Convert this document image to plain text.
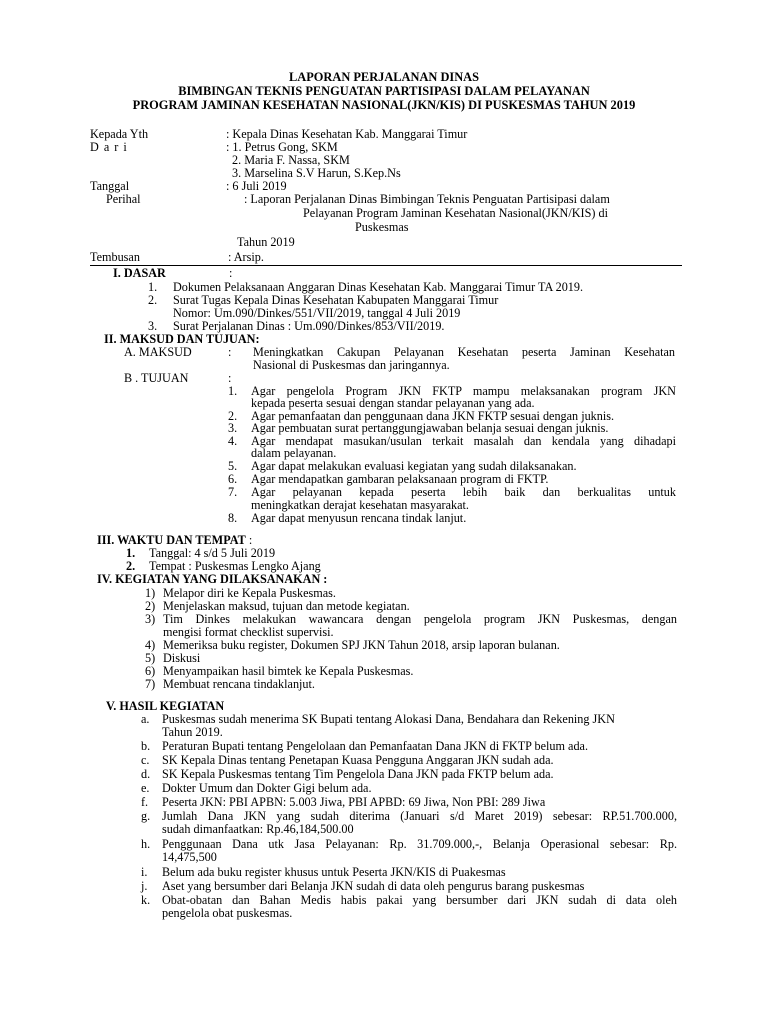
LAPORAN PERJALANAN DINAS
BIMBINGAN TEKNIS PENGUATAN PARTISIPASI DALAM PELAYANAN
PROGRAM JAMINAN KESEHATAN NASIONAL(JKN/KIS) DI PUSKESMAS TAHUN 2019
Kepada Yth	: Kepala Dinas Kesehatan Kab. Manggarai Timur
D a r i	: 1. Petrus Gong, SKM
2. Maria F. Nassa, SKM
3. Marselina S.V Harun, S.Kep.Ns
Tanggal	: 6 Juli 2019
Perihal	: Laporan Perjalanan Dinas Bimbingan Teknis Penguatan Partisipasi dalam
Pelayanan Program Jaminan Kesehatan Nasional(JKN/KIS) di
Puskesmas
Tahun 2019
Tembusan	: Arsip.
I. DASAR	:
1. Dokumen Pelaksanaan Anggaran Dinas Kesehatan Kab. Manggarai Timur TA 2019.
2. Surat Tugas Kepala Dinas Kesehatan Kabupaten Manggarai Timur
Nomor: Um.090/Dinkes/551/VII/2019, tanggal 4 Juli 2019
3. Surat Perjalanan Dinas : Um.090/Dinkes/853/VII/2019.
II. MAKSUD DAN TUJUAN:
A. MAKSUD	: Meningkatkan Cakupan Pelayanan Kesehatan peserta Jaminan Kesehatan
Nasional di Puskesmas dan jaringannya.
B . TUJUAN	:
1. Agar pengelola Program JKN FKTP mampu melaksanakan program JKN
kepada peserta sesuai dengan standar pelayanan yang ada.
2. Agar pemanfaatan dan penggunaan dana JKN FKTP sesuai dengan juknis.
3. Agar pembuatan surat pertanggungjawaban belanja sesuai dengan juknis.
4. Agar mendapat masukan/usulan terkait masalah dan kendala yang dihadapi
dalam pelayanan.
5. Agar dapat melakukan evaluasi kegiatan yang sudah dilaksanakan.
6. Agar mendapatkan gambaran pelaksanaan program di FKTP.
7. Agar pelayanan kepada peserta lebih baik dan berkualitas untuk
meningkatkan derajat kesehatan masyarakat.
8. Agar dapat menyusun rencana tindak lanjut.
III. WAKTU DAN TEMPAT :
1. Tanggal: 4 s/d 5 Juli 2019
2. Tempat : Puskesmas Lengko Ajang
IV. KEGIATAN YANG DILAKSANAKAN :
1) Melapor diri ke Kepala Puskesmas.
2) Menjelaskan maksud, tujuan dan metode kegiatan.
3) Tim Dinkes melakukan wawancara dengan pengelola program JKN Puskesmas, dengan
mengisi format checklist supervisi.
4) Memeriksa buku register, Dokumen SPJ JKN Tahun 2018, arsip laporan bulanan.
5) Diskusi
6) Menyampaikan hasil bimtek ke Kepala Puskesmas.
7) Membuat rencana tindaklanjut.
V. HASIL KEGIATAN
a. Puskesmas sudah menerima SK Bupati tentang Alokasi Dana, Bendahara dan Rekening JKN
Tahun 2019.
b. Peraturan Bupati tentang Pengelolaan dan Pemanfaatan Dana JKN di FKTP belum ada.
c. SK Kepala Dinas tentang Penetapan Kuasa Pengguna Anggaran JKN sudah ada.
d. SK Kepala Puskesmas tentang Tim Pengelola Dana JKN pada FKTP belum ada.
e. Dokter Umum dan Dokter Gigi belum ada.
f. Peserta JKN: PBI APBN: 5.003 Jiwa, PBI APBD: 69 Jiwa, Non PBI: 289 Jiwa
g. Jumlah Dana JKN yang sudah diterima (Januari s/d Maret 2019) sebesar: RP.51.700.000,
sudah dimanfaatkan: Rp.46,184,500.00
h. Penggunaan Dana utk Jasa Pelayanan: Rp. 31.709.000,-, Belanja Operasional sebesar: Rp.
14,475,500
i. Belum ada buku register khusus untuk Peserta JKN/KIS di Puakesmas
j. Aset yang bersumber dari Belanja JKN sudah di data oleh pengurus barang puskesmas
k. Obat-obatan dan Bahan Medis habis pakai yang bersumber dari JKN sudah di data oleh
pengelola obat puskesmas.
